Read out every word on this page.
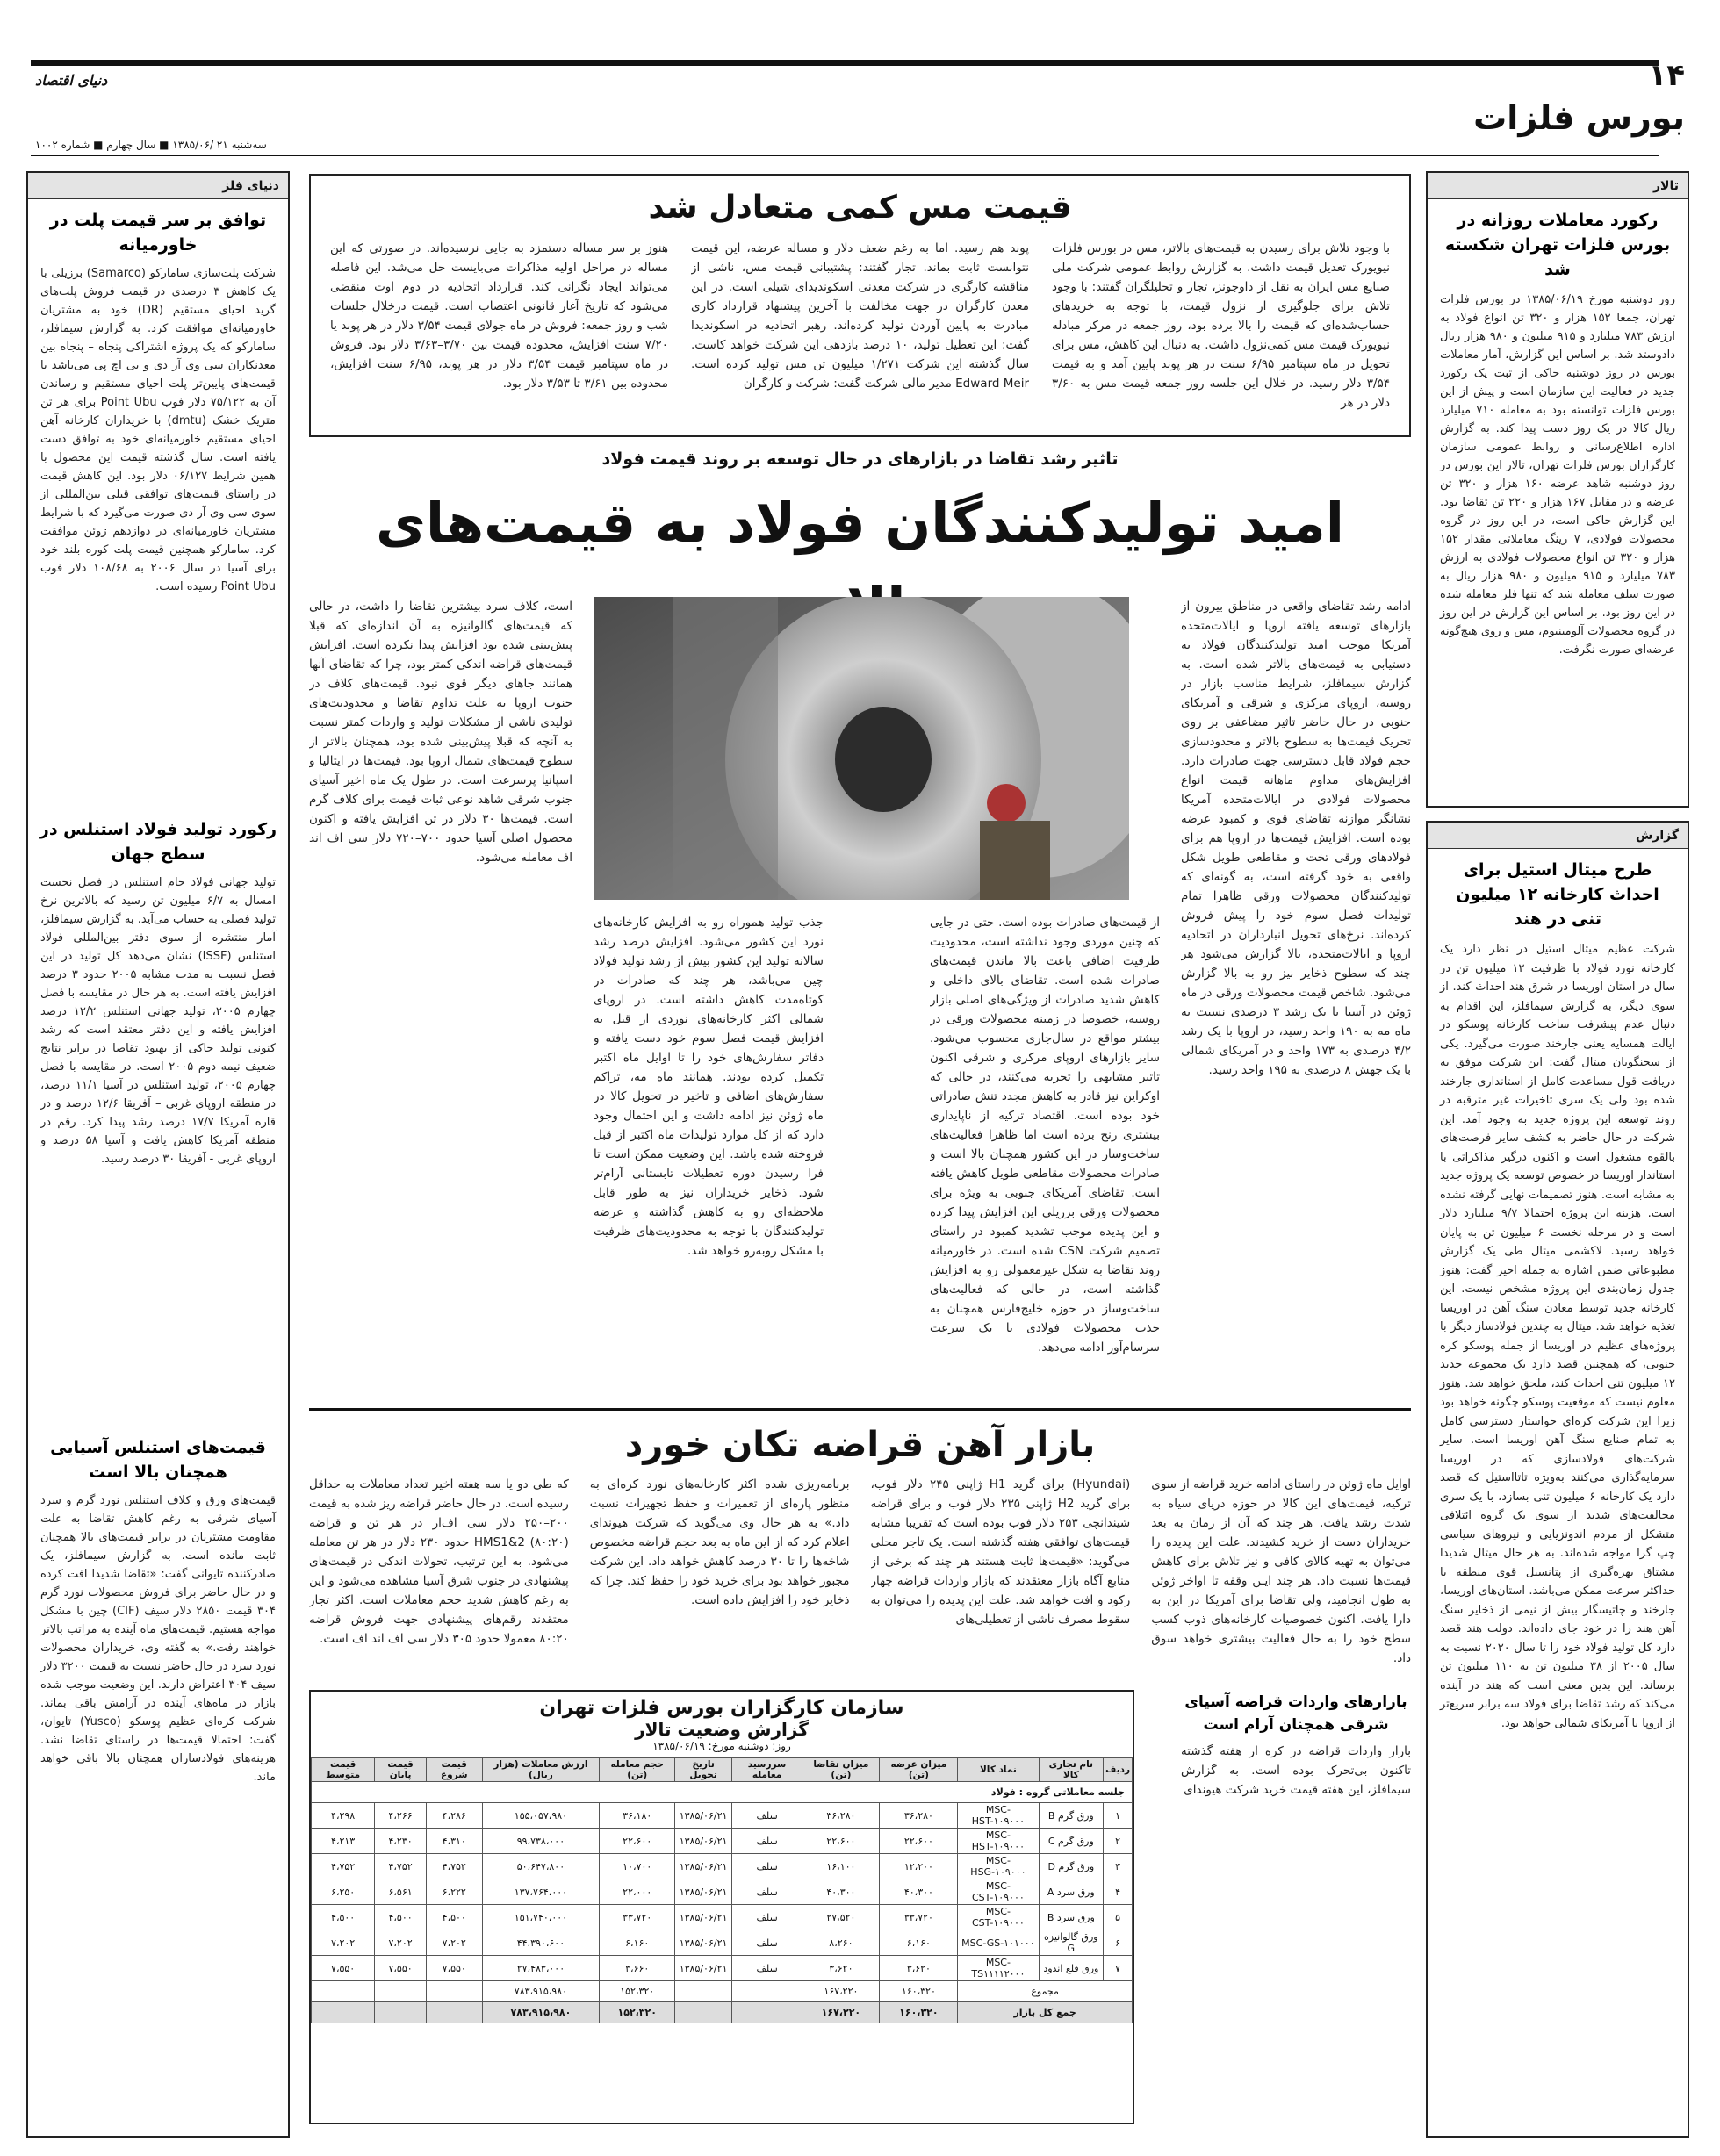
دنیای اقتصاد	۱۴
بورس فلزات
سه‌شنبه ۲۱ /۱۳۸۵/۰۶ ■ سال چهارم ■ شماره ۱۰۰۲
تالار
رکورد معاملات روزانه در بورس فلزات تهران شکسته شد
روز دوشنبه مورخ ۱۳۸۵/۰۶/۱۹ در بورس فلزات تهران، جمعا ۱۵۲ هزار و ۳۲۰ تن انواع فولاد به ارزش ۷۸۳ میلیارد و ۹۱۵ میلیون و ۹۸۰ هزار ریال دادوستد شد. بر اساس این گزارش، آمار معاملات بورس در روز دوشنبه حاکی از ثبت یک رکورد جدید در فعالیت این سازمان است و پیش از این بورس فلزات توانسته بود به معامله ۷۱۰ میلیارد ریال کالا در یک روز دست پیدا کند. به گزارش اداره اطلاع‌رسانی و روابط عمومی سازمان کارگزاران بورس فلزات تهران، تالار این بورس در روز دوشنبه شاهد عرضه ۱۶۰ هزار و ۳۲۰ تن عرضه و در مقابل ۱۶۷ هزار و ۲۲۰ تن تقاضا بود. این گزارش حاکی است، در این روز در گروه محصولات فولادی، ۷ رینگ معاملاتی مقدار ۱۵۲ هزار و ۳۲۰ تن انواع محصولات فولادی به ارزش ۷۸۳ میلیارد و ۹۱۵ میلیون و ۹۸۰ هزار ریال به صورت سلف معامله شد که تنها فلز معامله شده در این روز بود. بر اساس این گزارش در این روز در گروه محصولات آلومینیوم، مس و روی هیچ‌گونه عرضه‌ای صورت نگرفت.
گزارش
طرح میتال استیل برای احداث کارخانه ۱۲ میلیون تنی در هند
شرکت عظیم میتال استیل در نظر دارد یک کارخانه نورد فولاد با ظرفیت ۱۲ میلیون تن در سال در استان اوریسا در شرق هند احداث کند. از سوی دیگر، به گزارش سیمافلز، این اقدام به دنبال عدم پیشرفت ساخت کارخانه پوسکو در ایالت همسایه یعنی جارخند صورت می‌گیرد. یکی از سخنگویان میتال گفت: این شرکت موفق به دریافت قول مساعدت کامل از استانداری جارخند شده بود ولی یک سری تاخیرات غیر مترقبه در روند توسعه این پروژه جدید به وجود آمد. این شرکت در حال حاضر به کشف سایر فرصت‌های بالقوه مشغول است و اکنون درگیر مذاکراتی با استاندار اوریسا در خصوص توسعه یک پروژه جدید به مشابه است. هنوز تصمیمات نهایی گرفته نشده است. هزینه این پروژه احتمالا ۹/۷ میلیارد دلار است و در مرحله نخست ۶ میلیون تن به پایان خواهد رسید. لاکشمی میتال طی یک گزارش مطبوعاتی ضمن اشاره به جمله اخیر گفت: هنوز جدول زمان‌بندی این پروژه مشخص نیست. این کارخانه جدید توسط معادن سنگ آهن در اوریسا تغذیه خواهد شد. میتال به چندین فولادساز دیگر با پروژه‌های عظیم در اوریسا از جمله پوسکو کره جنوبی، که همچنین قصد دارد یک مجموعه جدید ۱۲ میلیون تنی احداث کند، ملحق خواهد شد. هنوز معلوم نیست که موقعیت پوسکو چگونه خواهد بود زیرا این شرکت کره‌ای خواستار دسترسی کامل به تمام صنایع سنگ آهن اوریسا است. سایر شرکت‌های فولادسازی که در اوریسا سرمایه‌گذاری می‌کنند به‌ویژه تاتااستیل که قصد دارد یک کارخانه ۶ میلیون تنی بسازد، با یک سری مخالفت‌های شدید از سوی یک گروه ائتلافی متشکل از مردم اندونزیایی و نیروهای سیاسی چپ گرا مواجه شده‌اند. به هر حال میتال شدیدا مشتاق بهره‌گیری از پتانسیل قوی منطقه با حداکثر سرعت ممکن می‌باشد. استان‌های اوریسا، جارخند و چاتیسگار بیش از نیمی از ذخایر سنگ آهن هند را در خود جای داده‌اند. دولت هند قصد دارد کل تولید فولاد خود را تا سال ۲۰۲۰ نسبت به سال ۲۰۰۵ از ۳۸ میلیون تن به ۱۱۰ میلیون تن برساند. این بدین معنی است که هند در آینده می‌کند که رشد تقاضا برای فولاد سه برابر سریع‌تر از اروپا یا آمریکای شمالی خواهد بود.
دنیای فلز
توافق بر سر قیمت پلت در خاورمیانه
شرکت پلت‌سازی سامارکو (Samarco) برزیلی با یک کاهش ۳ درصدی در قیمت فروش پلت‌های گرید احیای مستقیم (DR) خود به مشتریان خاورمیانه‌ای موافقت کرد. به گزارش سیمافلز، سامارکو که یک پروژه اشتراکی پنجاه – پنجاه بین معدنکاران سی وی آر دی و بی اچ پی می‌باشد با قیمت‌های پایین‌تر پلت احیای مستقیم و رساندن آن به ۷۵/۱۲۲ دلار فوب Point Ubu برای هر تن متریک خشک (dmtu) با خریداران کارخانه آهن احیای مستقیم خاورمیانه‌ای خود به توافق دست یافته است. سال گذشته قیمت این محصول با همین شرایط ۰۶/۱۲۷ دلار بود. این کاهش قیمت در راستای قیمت‌های توافقی قبلی بین‌المللی از سوی سی وی آر دی صورت می‌گیرد که با شرایط مشتریان خاورمیانه‌ای در دوازدهم ژوئن موافقت کرد. سامارکو همچنین قیمت پلت کوره بلند خود برای آسیا در سال ۲۰۰۶ به ۱۰۸/۶۸ دلار فوب Point Ubu رسیده است.
رکورد تولید فولاد استنلس در سطح جهان
تولید جهانی فولاد خام استنلس در فصل نخست امسال به ۶/۷ میلیون تن رسید که بالاترین نرخ تولید فصلی به حساب می‌آید. به گزارش سیمافلز، آمار منتشره از سوی دفتر بین‌المللی فولاد استنلس (ISSF) نشان می‌دهد کل تولید در این فصل نسبت به مدت مشابه ۲۰۰۵ حدود ۳ درصد افزایش یافته است. به هر حال در مقایسه با فصل چهارم ۲۰۰۵، تولید جهانی استنلس ۱۲/۲ درصد افزایش یافته و این دفتر معتقد است که رشد کنونی تولید حاکی از بهبود تقاضا در برابر نتایج ضعیف نیمه دوم ۲۰۰۵ است. در مقایسه با فصل چهارم ۲۰۰۵، تولید استنلس در آسیا ۱۱/۱ درصد، در منطقه اروپای غربی – آفریقا ۱۲/۶ درصد و در قاره آمریکا ۱۷/۷ درصد رشد پیدا کرد. رقم در منطقه آمریکا کاهش یافت و آسیا ۵۸ درصد و اروپای غربی - آفریقا ۳۰ درصد رسید.
قیمت‌های استنلس آسیایی همچنان بالا است
قیمت‌های ورق و کلاف استنلس نورد گرم و سرد آسیای شرقی به رغم کاهش تقاضا به علت مقاومت مشتریان در برابر قیمت‌های بالا همچنان ثابت مانده است. به گزارش سیمافلز، یک صادرکننده تایوانی گفت: «تقاضا شدیدا افت کرده و در حال حاضر برای فروش محصولات نورد گرم ۳۰۴ قیمت ۲۸۵۰ دلار سیف (CIF) چین با مشکل مواجه هستیم. قیمت‌های ماه آینده به مراتب بالاتر خواهند رفت.» به گفته وی، خریداران محصولات نورد سرد در حال حاضر نسبت به قیمت ۳۲۰۰ دلار سیف ۳۰۴ اعتراض دارند. این وضعیت موجب شده بازار در ماه‌های آینده در آرامش باقی بماند. شرکت کره‌ای عظیم پوسکو (Yusco) تایوان، گفت: احتمالا قیمت‌ها در راستای تقاضا نشد. هزینه‌های فولادسازان همچنان بالا باقی خواهد ماند.
قیمت مس کمی متعادل شد
با وجود تلاش برای رسیدن به قیمت‌های بالاتر، مس در بورس فلزات نیویورک تعدیل قیمت داشت. به گزارش روابط عمومی شرکت ملی صنایع مس ایران به نقل از داوجونز، تجار و تحلیلگران گفتند: با وجود تلاش برای جلوگیری از نزول قیمت، با توجه به خریدهای حساب‌شده‌ای که قیمت را بالا برده بود، روز جمعه در مرکز مبادله نیویورک قیمت مس کمی‌نزول داشت. به دنبال این کاهش، مس برای تحویل در ماه سپتامبر ۶/۹۵ سنت در هر پوند پایین آمد و به قیمت ۳/۵۴ دلار رسید. در خلال این جلسه روز جمعه قیمت مس به ۳/۶۰ دلار در هر
پوند هم رسید. اما به رغم ضعف دلار و مساله عرضه، این قیمت نتوانست ثابت بماند. تجار گفتند: پشتیبانی قیمت مس، ناشی از مناقشه کارگری در شرکت معدنی اسکوندیدای شیلی است. در این معدن کارگران در جهت مخالفت با آخرین پیشنهاد قرارداد کاری مبادرت به پایین آوردن تولید کرده‌اند. رهبر اتحادیه در اسکوندیدا گفت: این تعطیل تولید، ۱۰ درصد بازدهی این شرکت خواهد کاست. سال گذشته این شرکت ۱/۲۷۱ میلیون تن مس تولید کرده است. Edward Meir مدیر مالی شرکت گفت: شرکت و کارگران
هنوز بر سر مساله دستمزد به جایی نرسیده‌اند. در صورتی که این مساله در مراحل اولیه مذاکرات می‌بایست حل می‌شد. این فاصله می‌تواند ایجاد نگرانی کند. قرارداد اتحادیه در دوم اوت منقضی می‌شود که تاریخ آغاز قانونی اعتصاب است. قیمت درخلال جلسات شب و روز جمعه: فروش در ماه جولای قیمت ۳/۵۴ دلار در هر پوند یا ۷/۲۰ سنت افزایش، محدوده قیمت بین ۳/۷۰–۳/۶۳ دلار بود. فروش در ماه سپتامبر قیمت ۳/۵۴ دلار در هر پوند، ۶/۹۵ سنت افزایش، محدوده بین ۳/۶۱ تا ۳/۵۳ دلار بود.
تاثیر رشد تقاضا در بازارهای در حال توسعه بر روند قیمت فولاد
امید تولیدکنندگان فولاد به قیمت‌های
ادامه رشد تقاضای واقعی در مناطق بیرون از بازارهای توسعه یافته اروپا و ایالات‌متحده آمریکا موجب امید تولیدکنندگان فولاد به دستیابی به قیمت‌های بالاتر شده است. به گزارش سیمافلز، شرایط مناسب بازار در روسیه، اروپای مرکزی و شرقی و آمریکای جنوبی در حال حاضر تاثیر مضاعفی بر روی تحریک قیمت‌ها به سطوح بالاتر و محدودسازی حجم فولاد قابل دسترسی جهت صادرات دارد. افزایش‌های مداوم ماهانه قیمت انواع محصولات فولادی در ایالات‌متحده آمریکا نشانگر موازنه تقاضای قوی و کمبود عرضه بوده است. افزایش قیمت‌ها در اروپا هم برای فولادهای ورقی تخت و مقاطعی طویل شکل واقعی به خود گرفته است، به گونه‌ای که تولیدکنندگان محصولات ورقی ظاهرا تمام تولیدات فصل سوم خود را پیش فروش کرده‌اند. نرخ‌های تحویل انبارداران در اتحادیه اروپا و ایالات‌متحده، بالا گزارش می‌شود هر چند که سطوح ذخایر نیز رو به بالا گزارش می‌شود. شاخص قیمت محصولات ورقی در ماه ژوئن در آسیا با یک رشد ۳ درصدی نسبت به ماه مه به ۱۹۰ واحد رسید، در اروپا با یک رشد ۴/۲ درصدی به ۱۷۳ واحد و در آمریکای شمالی با یک جهش ۸ درصدی به ۱۹۵ واحد رسید.
از قیمت‌های صادرات بوده است. حتی در جایی که چنین موردی وجود نداشته است، محدودیت ظرفیت اضافی باعث بالا ماندن قیمت‌های صادرات شده است. تقاضای بالای داخلی و کاهش شدید صادرات از ویژگی‌های اصلی بازار روسیه، خصوصا در زمینه محصولات ورقی در بیشتر مواقع در سال‌جاری محسوب می‌شود. سایر بازارهای اروپای مرکزی و شرقی اکنون تاثیر مشابهی را تجربه می‌کنند، در حالی که اوکراین نیز قادر به کاهش مجدد تنش صادراتی خود بوده است. اقتصاد ترکیه از ناپایداری بیشتری رنج برده است اما ظاهرا فعالیت‌های ساخت‌وساز در این کشور همچنان بالا است و صادرات محصولات مقاطعی طویل کاهش یافته است. تقاضای آمریکای جنوبی به ویژه برای محصولات ورقی برزیلی این افزایش پیدا کرده و این پدیده موجب تشدید کمبود در راستای تصمیم شرکت CSN شده است. در خاورمیانه روند تقاضا به شکل غیرمعمولی رو به افزایش گذاشته است، در حالی که فعالیت‌های ساخت‌وساز در حوزه خلیج‌فارس همچنان به جذب محصولات فولادی با یک سرعت سرسام‌آور ادامه می‌دهد.
جذب تولید هموراه رو به افزایش کارخانه‌های نورد این کشور می‌شود. افزایش درصد رشد سالانه تولید این کشور بیش از رشد تولید فولاد چین می‌باشد، هر چند که صادرات در کوتاه‌مدت کاهش داشته است. در اروپای شمالی اکثر کارخانه‌های نوردی از قبل به افزایش قیمت فصل سوم خود دست یافته و دفاتر سفارش‌های خود را تا اوایل ماه اکتبر تکمیل کرده بودند. همانند ماه مه، تراکم سفارش‌های اضافی و تاخیر در تحویل کالا در ماه ژوئن نیز ادامه داشت و این احتمال وجود دارد که از کل موارد تولیدات ماه اکتبر از قبل فروخته شده باشد. این وضعیت ممکن است تا فرا رسیدن دوره تعطیلات تابستانی آرام‌تر شود. ذخایر خریداران نیز به طور قابل ملاحظه‌ای رو به کاهش گذاشته و عرضه تولیدکنندگان با توجه به محدودیت‌های ظرفیت با مشکل روبه‌رو خواهد شد.
است، کلاف سرد بیشترین تقاضا را داشت، در حالی که قیمت‌های گالوانیزه به آن اندازه‌ای که قبلا پیش‌بینی شده بود افزایش پیدا نکرده است. افزایش قیمت‌های قراضه اندکی کمتر بود، چرا که تقاضای آنها همانند جاهای دیگر قوی نبود. قیمت‌های کلاف در جنوب اروپا به علت تداوم تقاضا و محدودیت‌های تولیدی ناشی از مشکلات تولید و واردات کمتر نسبت به آنچه که قبلا پیش‌بینی شده بود، همچنان بالاتر از سطوح قیمت‌های شمال اروپا بود. قیمت‌ها در ایتالیا و اسپانیا پرسرعت است. در طول یک ماه اخیر آسیای جنوب شرقی شاهد نوعی ثبات قیمت برای کلاف گرم است. قیمت‌ها ۳۰ دلار در تن افزایش یافته و اکنون محصول اصلی آسیا حدود ۷۰۰–۷۲۰ دلار سی اف اند اف معامله می‌شود.
بازار آهن قراضه تکان خورد
اوایل ماه ژوئن در راستای ادامه خرید قراضه از سوی ترکیه، قیمت‌های این کالا در حوزه دریای سیاه به شدت رشد یافت. هر چند که آن از زمان به بعد خریداران دست از خرید کشیدند. علت این پدیده را می‌توان به تهیه کالای کافی و نیز تلاش برای کاهش قیمت‌ها نسبت داد. هر چند ایـن وقفه تا اواخر ژوئن به طول انجامید، ولی تقاضا برای آمریکا در این به دارا یافت. اکنون خصوصیات کارخانه‌های ذوب کسب سطح خود را به حال فعالیت بیشتری خواهد سوق داد.
(Hyundai) برای گرید H1 ژاپنی ۲۴۵ دلار فوب، برای گرید H2 ژاپنی ۲۳۵ دلار فوب و برای قراضه شیندانچی ۲۵۳ دلار فوب بوده است که تقریبا مشابه قیمت‌های توافقی هفته گذشته است. یک تاجر محلی می‌گوید: «قیمت‌ها ثابت هستند هر چند که برخی از منابع آگاه بازار معتقدند که بازار واردات قراضه چهار رکود و افت خواهد شد. علت این پدیده را می‌توان به سقوط مصرف ناشی از تعطیلی‌های
برنامه‌ریزی شده اکثر کارخانه‌های نورد کره‌ای به منظور پاره‌ای از تعمیرات و حفظ تجهیزات نسبت داد.» به هر حال وی می‌گوید که شرکت هیوندای اعلام کرد که از این ماه به بعد حجم قراضه مخصوص شاخه‌ها را تا ۳۰ درصد کاهش خواهد داد. این شرکت مجبور خواهد بود برای خرید خود را حفظ کند. چرا که ذخایر خود را افزایش داده است.
که طی دو یا سه هفته اخیر تعداد معاملات به حداقل رسیده است. در حال حاضر قراضه ریز شده به قیمت ۲۰۰–۲۵۰ دلار سی اف‌ار در هر تن و قراضه HMS1&2 (۸۰:۲۰) حدود ۲۳۰ دلار در هر تن معامله می‌شود. به این ترتیب، تحولات اندکی در قیمت‌های پیشنهادی در جنوب شرق آسیا مشاهده می‌شود و این به رغم کاهش شدید حجم معاملات است. اکثر تجار معتقدند رقم‌های پیشنهادی جهت فروش قراضه ۸۰:۲۰ معمولا حدود ۳۰۵ دلار سی اف اند اف است.
بازارهای واردات قراضه آسیای شرقی همچنان آرام است
بازار واردات قراضه در کره از هفته گذشته تاکنون بی‌تحرک بوده است. به گزارش سیمافلز، این هفته قیمت خرید شرکت هیوندای
سازمان کارگزاران بورس فلزات تهران
گزارش وضعیت تالار
روز: دوشنبه مورخ: ۱۳۸۵/۰۶/۱۹
ردیف	نام تجاری کالا	نماد کالا	میزان عرضه (تن)	میزان تقاضا (تن)	سررسید معامله	تاریخ تحویل	حجم معامله (تن)	ارزش معاملات (هزار ریال)	قیمت شروع	قیمت پایان	قیمت متوسط
جلسه معاملاتی گروه : فولاد											
۱	ورق گرم B	MSC-HST-۱۰۹۰۰۰	۳۶،۲۸۰	۳۶،۲۸۰	سلف	۱۳۸۵/۰۶/۲۱	۳۶،۱۸۰	۱۵۵،۰۵۷،۹۸۰	۴،۲۸۶	۴،۲۶۶	۴،۲۹۸
۲	ورق گرم C	MSC-HST-۱۰۹۰۰۰	۲۲،۶۰۰	۲۲،۶۰۰	سلف	۱۳۸۵/۰۶/۲۱	۲۲،۶۰۰	۹۹،۷۳۸،۰۰۰	۴،۳۱۰	۴،۲۳۰	۴،۲۱۳
۳	ورق گرم D	MSC-HSG-۱۰۹۰۰۰	۱۲،۲۰۰	۱۶،۱۰۰	سلف	۱۳۸۵/۰۶/۲۱	۱۰،۷۰۰	۵۰،۶۴۷،۸۰۰	۴،۷۵۲	۴،۷۵۲	۴،۷۵۲
۴	ورق سرد A	MSC-CST-۱۰۹۰۰۰	۴۰،۳۰۰	۴۰،۳۰۰	سلف	۱۳۸۵/۰۶/۲۱	۲۲،۰۰۰	۱۳۷،۷۶۴،۰۰۰	۶،۲۲۲	۶،۵۶۱	۶،۲۵۰
۵	ورق سرد B	MSC-CST-۱۰۹۰۰۰	۳۳،۷۲۰	۲۷،۵۲۰	سلف	۱۳۸۵/۰۶/۲۱	۳۳،۷۲۰	۱۵۱،۷۴۰،۰۰۰	۴،۵۰۰	۴،۵۰۰	۴،۵۰۰
۶	ورق گالوانیزه G	MSC-GS-۱۰۱۰۰۰	۶،۱۶۰	۸،۲۶۰	سلف	۱۳۸۵/۰۶/۲۱	۶،۱۶۰	۴۴،۳۹۰،۶۰۰	۷،۲۰۲	۷،۲۰۲	۷،۲۰۲
۷	ورق قلع اندود	MSC-TS۱۱۱۱۲۰۰۰	۳،۶۲۰	۳،۶۲۰	سلف	۱۳۸۵/۰۶/۲۱	۳،۶۶۰	۲۷،۴۸۳،۰۰۰	۷،۵۵۰	۷،۵۵۰	۷،۵۵۰
مجموع			۱۶۰،۳۲۰	۱۶۷،۲۲۰			۱۵۲،۳۲۰	۷۸۳،۹۱۵،۹۸۰			
جمع کل بازار			۱۶۰،۳۲۰	۱۶۷،۲۲۰			۱۵۲،۳۲۰	۷۸۳،۹۱۵،۹۸۰			
